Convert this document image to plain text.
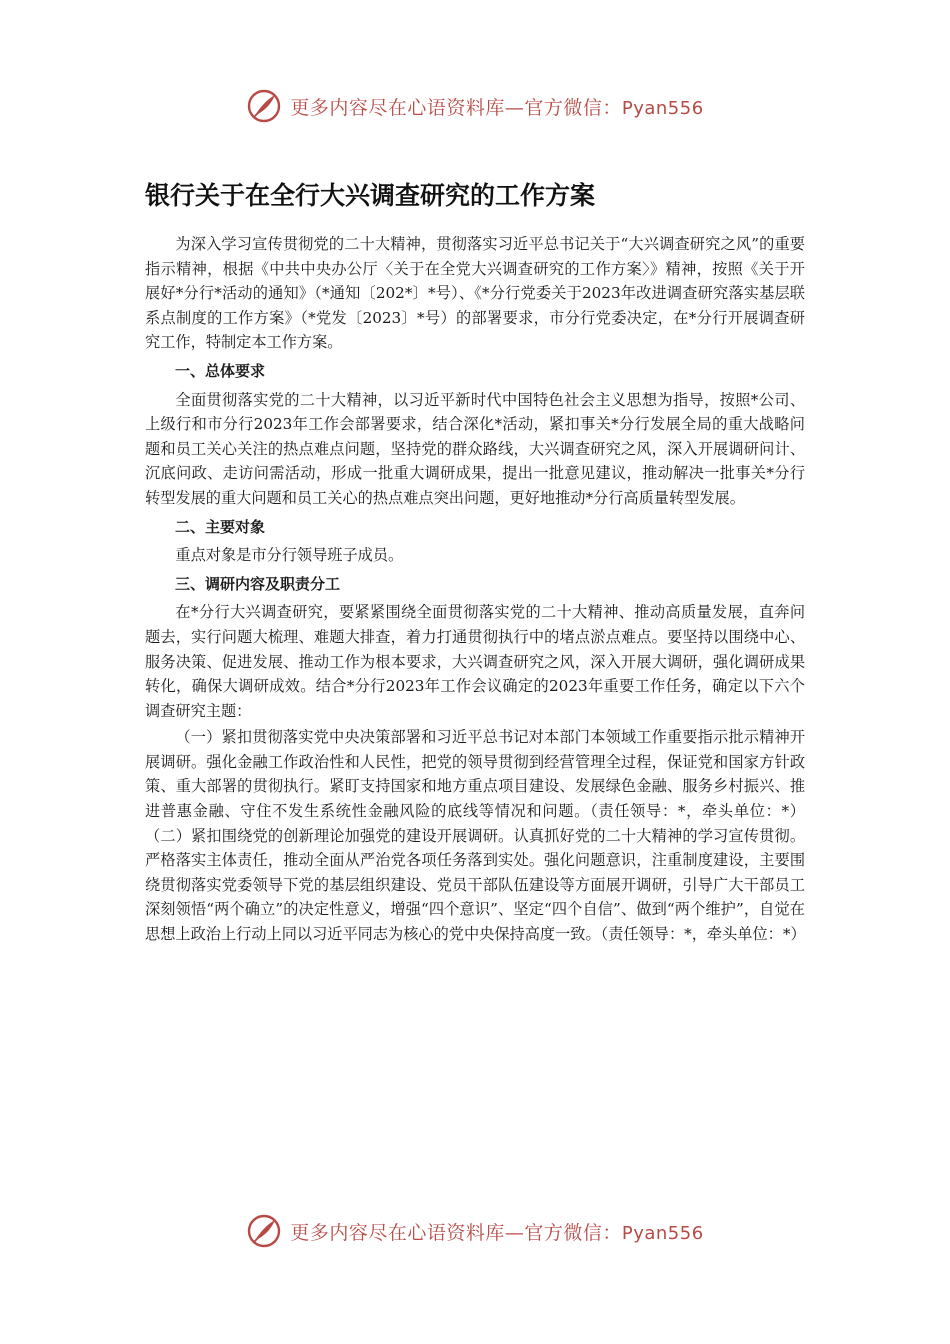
更多内容尽在心语资料库—官方微信：Pyan556
银行关于在全行大兴调查研究的工作方案

为深入学习宣传贯彻党的二十大精神，贯彻落实习近平总书记关于“大兴调查研究之风”的重要指示精神，根据《中共中央办公厅〈关于在全党大兴调查研究的工作方案〉》精神，按照《关于开展好*分行*活动的通知》（*通知〔202*〕*号）、《*分行党委关于2023年改进调查研究落实基层联系点制度的工作方案》（*党发〔2023〕*号）的部署要求，市分行党委决定，在*分行开展调查研究工作，特制定本工作方案。

一、总体要求

全面贯彻落实党的二十大精神，以习近平新时代中国特色社会主义思想为指导，按照*公司、上级行和市分行2023年工作会部署要求，结合深化*活动，紧扣事关*分行发展全局的重大战略问题和员工关心关注的热点难点问题，坚持党的群众路线，大兴调查研究之风，深入开展调研问计、沉底问政、走访问需活动，形成一批重大调研成果，提出一批意见建议，推动解决一批事关*分行转型发展的重大问题和员工关心的热点难点突出问题，更好地推动*分行高质量转型发展。

二、主要对象

重点对象是市分行领导班子成员。

三、调研内容及职责分工

在*分行大兴调查研究，要紧紧围绕全面贯彻落实党的二十大精神、推动高质量发展，直奔问题去，实行问题大梳理、难题大排查，着力打通贯彻执行中的堵点淤点难点。要坚持以围绕中心、服务决策、促进发展、推动工作为根本要求，大兴调查研究之风，深入开展大调研，强化调研成果转化，确保大调研成效。结合*分行2023年工作会议确定的2023年重要工作任务，确定以下六个调查研究主题：

（一）紧扣贯彻落实党中央决策部署和习近平总书记对本部门本领域工作重要指示批示精神开展调研。强化金融工作政治性和人民性，把党的领导贯彻到经营管理全过程，保证党和国家方针政策、重大部署的贯彻执行。紧盯支持国家和地方重点项目建设、发展绿色金融、服务乡村振兴、推进普惠金融、守住不发生系统性金融风险的底线等情况和问题。（责任领导：*，牵头单位：*）（二）紧扣围绕党的创新理论加强党的建设开展调研。认真抓好党的二十大精神的学习宣传贯彻。严格落实主体责任，推动全面从严治党各项任务落到实处。强化问题意识，注重制度建设，主要围绕贯彻落实党委领导下党的基层组织建设、党员干部队伍建设等方面展开调研，引导广大干部员工深刻领悟“两个确立”的决定性意义，增强“四个意识”、坚定“四个自信”、做到“两个维护”，自觉在思想上政治上行动上同以习近平同志为核心的党中央保持高度一致。（责任领导：*，牵头单位：*）

更多内容尽在心语资料库—官方微信：Pyan556
